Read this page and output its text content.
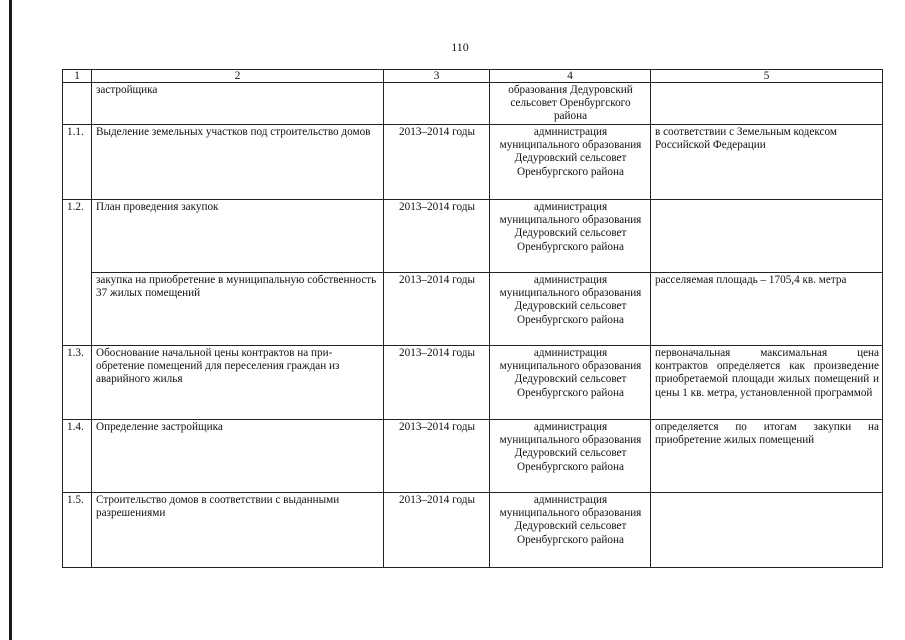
110
1	2	3	4	5
	застройщика		образования Дедуровский сельсовет Оренбургского района	
1.1.	Выделение земельных участков под строительство домов	2013–2014 годы	администрация муниципального образования Дедуровский сельсовет Оренбургского района	в соответствии с Земельным кодексом Российской Федерации
1.2.	План проведения закупок	2013–2014 годы	администрация муниципального образования Дедуровский сельсовет Оренбургского района	
	закупка на приобретение в муниципальную собственность 37 жилых помещений	2013–2014 годы	администрация муниципального образования Дедуровский сельсовет Оренбургского района	расселяемая площадь – 1705,4 кв. метра
1.3.	Обоснование начальной цены контрактов на при-обретение помещений для переселения граждан из аварийного жилья	2013–2014 годы	администрация муниципального образования Дедуровский сельсовет Оренбургского района	первоначальная максимальная цена контрактов определяется как произведение приобретаемой площади жилых помещений и цены 1 кв. метра, установленной программой
1.4.	Определение застройщика	2013–2014 годы	администрация муниципального образования Дедуровский сельсовет Оренбургского района	определяется по итогам закупки на приобретение жилых помещений
1.5.	Строительство домов в соответствии с выданными разрешениями	2013–2014 годы	администрация муниципального образования Дедуровский сельсовет Оренбургского района	
